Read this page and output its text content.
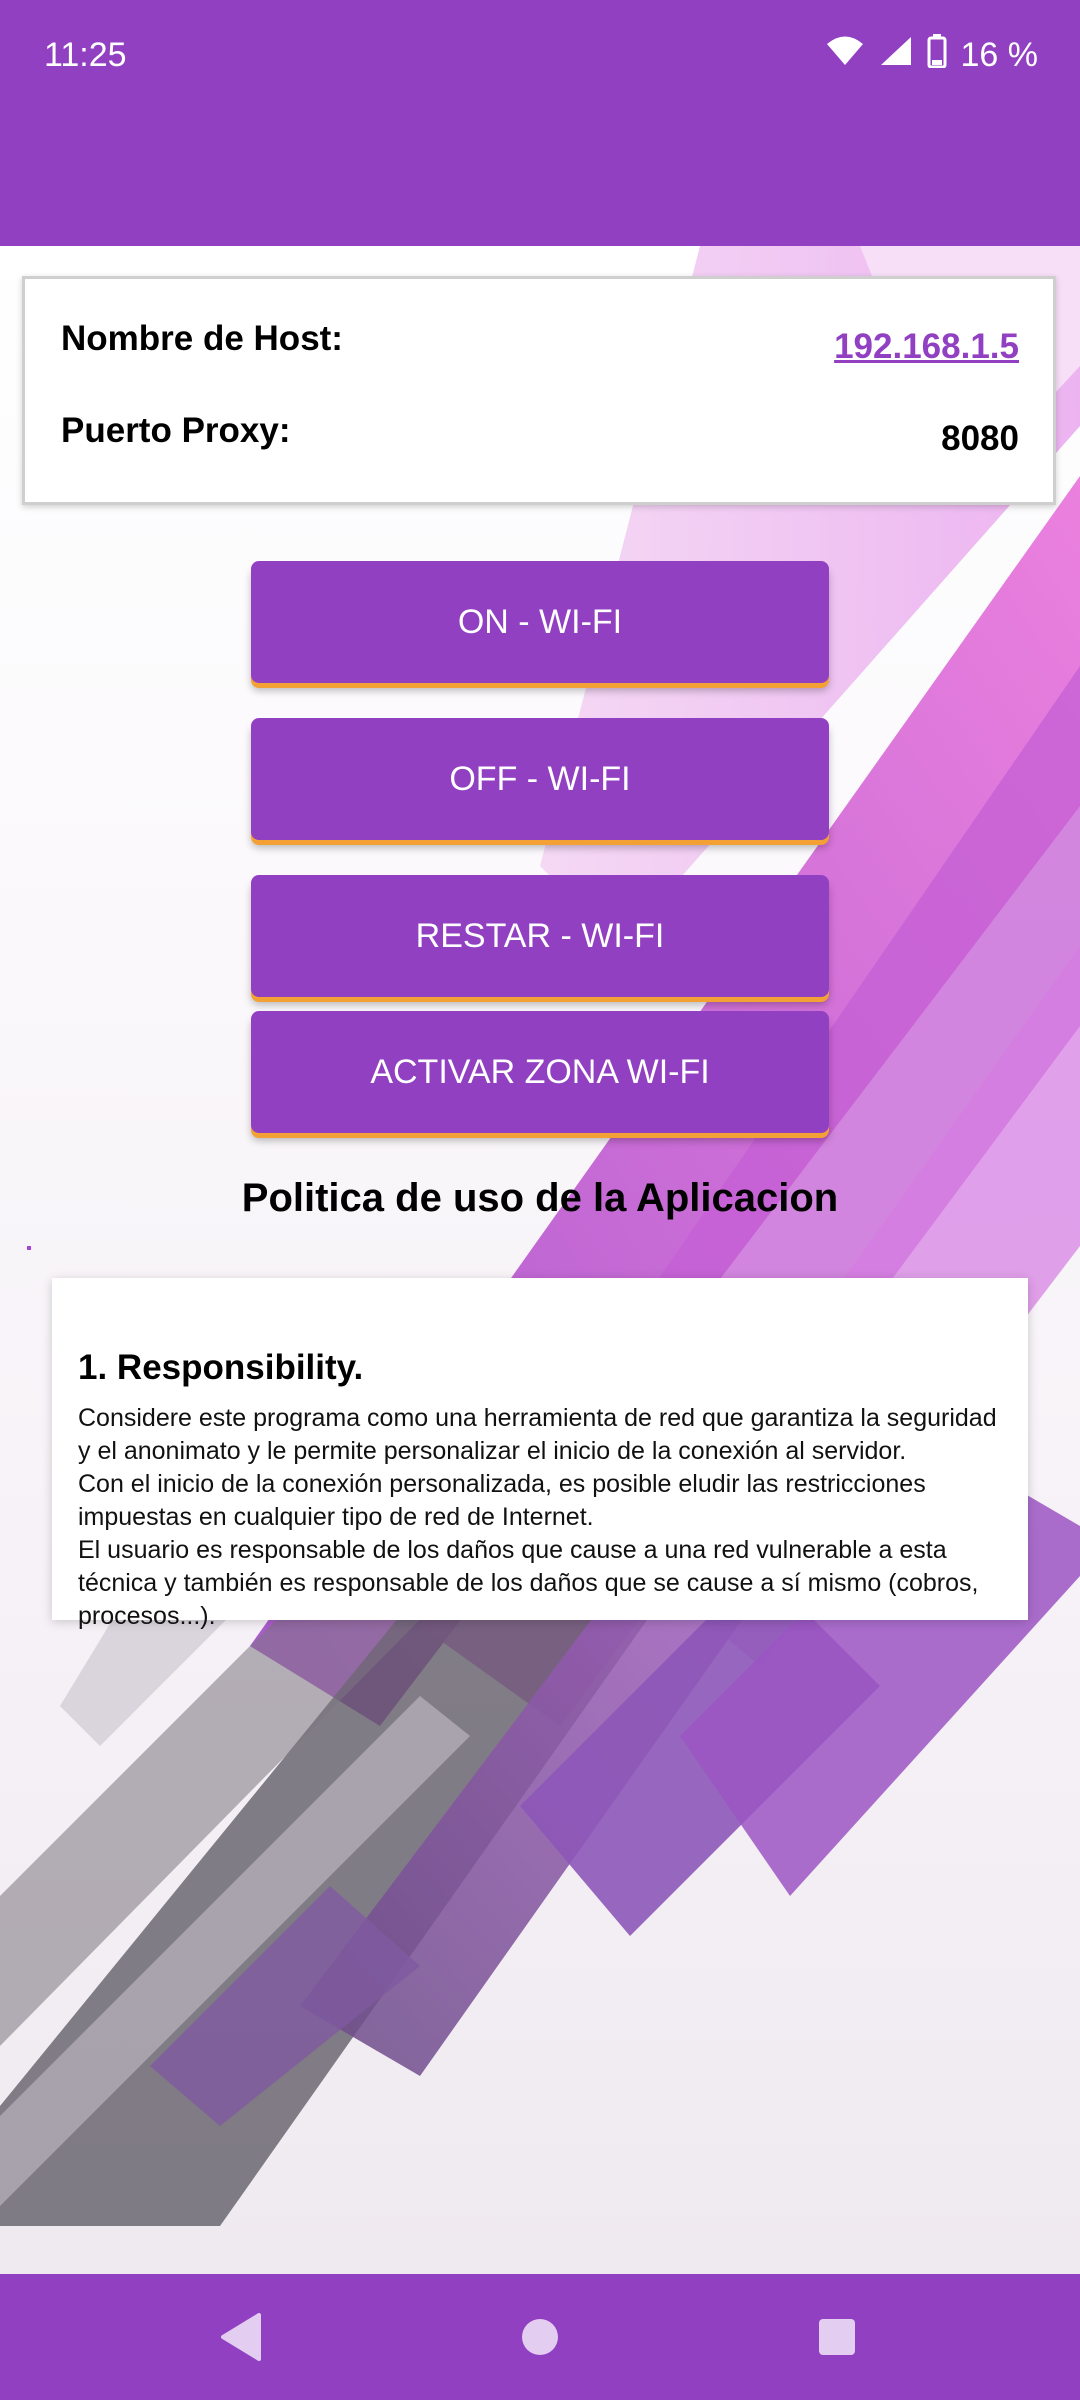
11:25	16 %
Nombre de Host:	192.168.1.5
Puerto Proxy:	8080
ON - WI-FI
OFF - WI-FI
RESTAR - WI-FI
ACTIVAR ZONA WI-FI
Politica de uso de la Aplicacion
1. Responsibility.
Considere este programa como una herramienta de red que garantiza la seguridad y el anonimato y le permite personalizar el inicio de la conexión al servidor.
Con el inicio de la conexión personalizada, es posible eludir las restricciones impuestas en cualquier tipo de red de Internet.
El usuario es responsable de los daños que cause a una red vulnerable a esta técnica y también es responsable de los daños que se cause a sí mismo (cobros, procesos...).
